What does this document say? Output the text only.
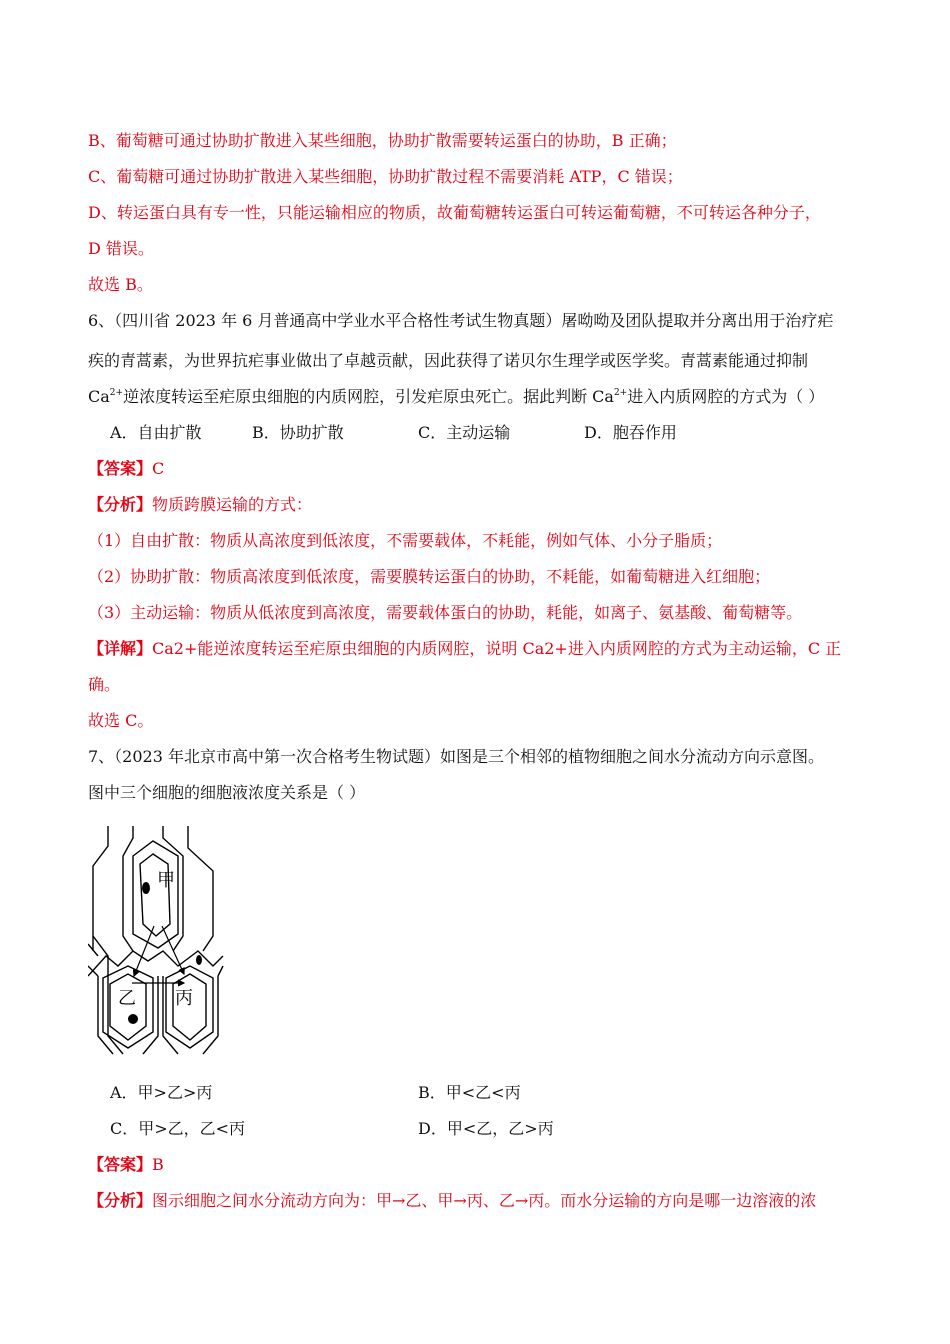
B、葡萄糖可通过协助扩散进入某些细胞，协助扩散需要转运蛋白的协助，B 正确；
C、葡萄糖可通过协助扩散进入某些细胞，协助扩散过程不需要消耗 ATP，C 错误；
D、转运蛋白具有专一性，只能运输相应的物质，故葡萄糖转运蛋白可转运葡萄糖，不可转运各种分子，
D 错误。
故选 B。
6、（四川省 2023 年 6 月普通高中学业水平合格性考试生物真题）屠呦呦及团队提取并分离出用于治疗疟
疾的青蒿素，为世界抗疟事业做出了卓越贡献，因此获得了诺贝尔生理学或医学奖。青蒿素能通过抑制
$Ca^{2+}$逆浓度转运至疟原虫细胞的内质网腔，引发疟原虫死亡。据此判断 $Ca^{2+}$进入内质网腔的方式为（ ）
A．自由扩散	B．协助扩散	C．主动运输	D．胞吞作用
【答案】C
【分析】物质跨膜运输的方式：
（1）自由扩散：物质从高浓度到低浓度，不需要载体，不耗能，例如气体、小分子脂质；
（2）协助扩散：物质高浓度到低浓度，需要膜转运蛋白的协助，不耗能，如葡萄糖进入红细胞；
（3）主动运输：物质从低浓度到高浓度，需要载体蛋白的协助，耗能，如离子、氨基酸、葡萄糖等。
【详解】Ca2+能逆浓度转运至疟原虫细胞的内质网腔，说明 Ca2+进入内质网腔的方式为主动运输，C 正
确。
故选 C。
7、（2023 年北京市高中第一次合格考生物试题）如图是三个相邻的植物细胞之间水分流动方向示意图。
图中三个细胞的细胞液浓度关系是（ ）
甲
乙 丙
A．甲>乙>丙	B．甲<乙<丙
C．甲>乙，乙<丙	D．甲<乙，乙>丙
【答案】B
【分析】图示细胞之间水分流动方向为：甲→乙、甲→丙、乙→丙。而水分运输的方向是哪一边溶液的浓
